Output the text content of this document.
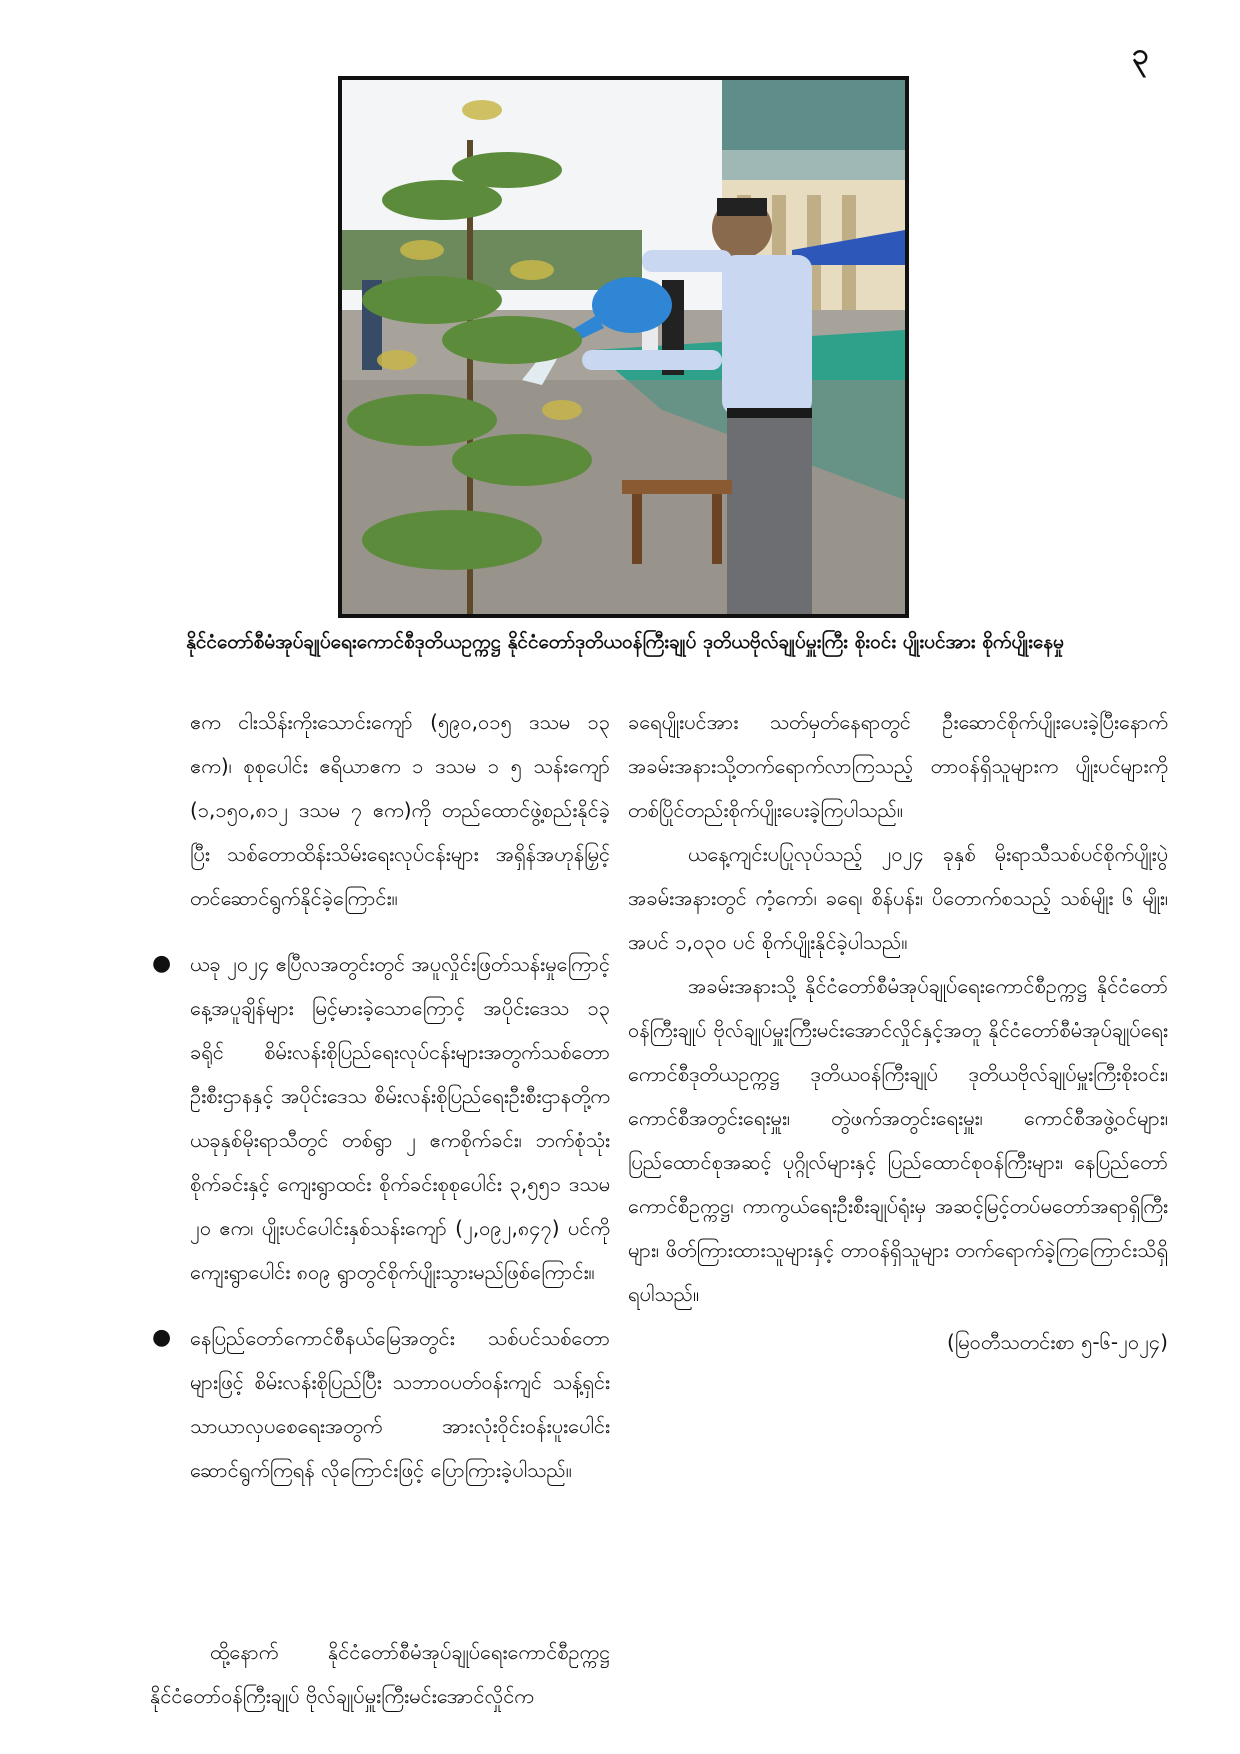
၃
နိုင်ငံတော်စီမံအုပ်ချုပ်ရေးကောင်စီဒုတိယဥက္ကဋ္ဌ နိုင်ငံတော်ဒုတိယဝန်ကြီးချုပ် ဒုတိယဗိုလ်ချုပ်မှူးကြီး စိုးဝင်း ပျိုးပင်အား စိုက်ပျိုးနေမှု

ဧက ငါးသိန်းကိုးသောင်းကျော် (၅၉၀,၀၁၅ ဒသမ ၁၃ ဧက)၊ စုစုပေါင်း ဧရိယာဧက ၁ ဒသမ ၁ ၅ သန်းကျော် (၁,၁၅၀,၈၁၂ ဒသမ ၇ ဧက)ကို တည်ထောင်ဖွဲ့စည်းနိုင်ခဲ့ပြီး သစ်တောထိန်းသိမ်းရေးလုပ်ငန်းများ အရှိန်အဟုန်မြှင့်တင်ဆောင်ရွက်နိုင်ခဲ့ကြောင်း။

● ယခု ၂၀၂၄ ဧပြီလအတွင်းတွင် အပူလှိုင်းဖြတ်သန်းမှုကြောင့် နေ့အပူချိန်များ မြင့်မားခဲ့သောကြောင့် အပိုင်းဒေသ ၁၃ ခရိုင် စိမ်းလန်းစိုပြည်ရေးလုပ်ငန်းများအတွက်သစ်တောဦးစီးဌာနနှင့် အပိုင်းဒေသ စိမ်းလန်းစိုပြည်ရေးဦးစီးဌာနတို့က ယခုနှစ်မိုးရာသီတွင် တစ်ရွာ ၂ ဧကစိုက်ခင်း၊ ဘက်စုံသုံးစိုက်ခင်းနှင့် ကျေးရွာထင်း စိုက်ခင်းစုစုပေါင်း ၃,၅၅၁ ဒသမ ၂၀ ဧက၊ ပျိုးပင်ပေါင်းနှစ်သန်းကျော် (၂,၀၉၂,၈၄၇) ပင်ကို ကျေးရွာပေါင်း ၈၀၉ ရွာတွင်စိုက်ပျိုးသွားမည်ဖြစ်ကြောင်း။

● နေပြည်တော်ကောင်စီနယ်မြေအတွင်း သစ်ပင်သစ်တောများဖြင့် စိမ်းလန်းစိုပြည်ပြီး သဘာဝပတ်ဝန်းကျင် သန့်ရှင်းသာယာလှပစေရေးအတွက် အားလုံးဝိုင်းဝန်းပူးပေါင်းဆောင်ရွက်ကြရန် လိုကြောင်းဖြင့် ပြောကြားခဲ့ပါသည်။

ထို့နောက် နိုင်ငံတော်စီမံအုပ်ချုပ်ရေးကောင်စီဥက္ကဋ္ဌ နိုင်ငံတော်ဝန်ကြီးချုပ် ဗိုလ်ချုပ်မှူးကြီးမင်းအောင်လှိုင်က

ခရေပျိုးပင်အား သတ်မှတ်နေရာတွင် ဦးဆောင်စိုက်ပျိုးပေးခဲ့ပြီးနောက် အခမ်းအနားသို့တက်ရောက်လာကြသည့် တာဝန်ရှိသူများက ပျိုးပင်များကို တစ်ပြိုင်တည်းစိုက်ပျိုးပေးခဲ့ကြပါသည်။

ယနေ့ကျင်းပပြုလုပ်သည့် ၂၀၂၄ ခုနှစ် မိုးရာသီသစ်ပင်စိုက်ပျိုးပွဲအခမ်းအနားတွင် ကံ့ကော်၊ ခရေ၊ စိန်ပန်း၊ ပိတောက်စသည့် သစ်မျိုး ၆ မျိုး၊ အပင် ၁,၀၃၀ ပင် စိုက်ပျိုးနိုင်ခဲ့ပါသည်။

အခမ်းအနားသို့ နိုင်ငံတော်စီမံအုပ်ချုပ်ရေးကောင်စီဥက္ကဋ္ဌ နိုင်ငံတော်ဝန်ကြီးချုပ် ဗိုလ်ချုပ်မှူးကြီးမင်းအောင်လှိုင်နှင့်အတူ နိုင်ငံတော်စီမံအုပ်ချုပ်ရေးကောင်စီဒုတိယဥက္ကဋ္ဌ ဒုတိယဝန်ကြီးချုပ် ဒုတိယဗိုလ်ချုပ်မှူးကြီးစိုးဝင်း၊ ကောင်စီအတွင်းရေးမှူး၊ တွဲဖက်အတွင်းရေးမှူး၊ ကောင်စီအဖွဲ့ဝင်များ၊ ပြည်ထောင်စုအဆင့် ပုဂ္ဂိုလ်များနှင့် ပြည်ထောင်စုဝန်ကြီးများ၊ နေပြည်တော်ကောင်စီဥက္ကဋ္ဌ၊ ကာကွယ်ရေးဦးစီးချုပ်ရုံးမှ အဆင့်မြင့်တပ်မတော်အရာရှိကြီးများ၊ ဖိတ်ကြားထားသူများနှင့် တာဝန်ရှိသူများ တက်ရောက်ခဲ့ကြကြောင်းသိရှိရပါသည်။

(မြဝတီသတင်းစာ ၅-၆-၂၀၂၄)
